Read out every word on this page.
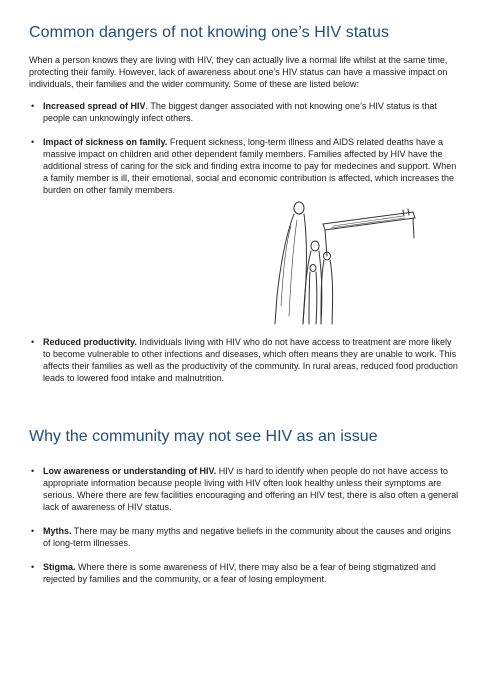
Common dangers of not knowing one’s HIV status

When a person knows they are living with HIV, they can actually live a normal life whilst at the same time, protecting their family. However, lack of awareness about one’s HIV status can have a massive impact on individuals, their families and the wider community. Some of these are listed below:

• Increased spread of HIV. The biggest danger associated with not knowing one’s HIV status is that people can unknowingly infect others.
• Impact of sickness on family. Frequent sickness, long-term illness and AIDS related deaths have a massive impact on children and other dependent family members. Families affected by HIV have the additional stress of caring for the sick and finding extra income to pay for medecines and support. When a family member is ill, their emotional, social and economic contribution is affected, which increases the burden on other family members.
• Reduced productivity. Individuals living with HIV who do not have access to treatment are more likely to become vulnerable to other infections and diseases, which often means they are unable to work. This affects their families as well as the productivity of the community. In rural areas, reduced food production leads to lowered food intake and malnutrition.
Why the community may not see HIV as an issue
• Low awareness or understanding of HIV. HIV is hard to identify when people do not have access to appropriate information because people living with HIV often look healthy unless their symptoms are serious. Where there are few facilities encouraging and offering an HIV test, there is also often a general lack of awareness of HIV status.
• Myths. There may be many myths and negative beliefs in the community about the causes and origins of long-term illnesses.
• Stigma. Where there is some awareness of HIV, there may also be a fear of being stigmatized and rejected by families and the community, or a fear of losing employment.
